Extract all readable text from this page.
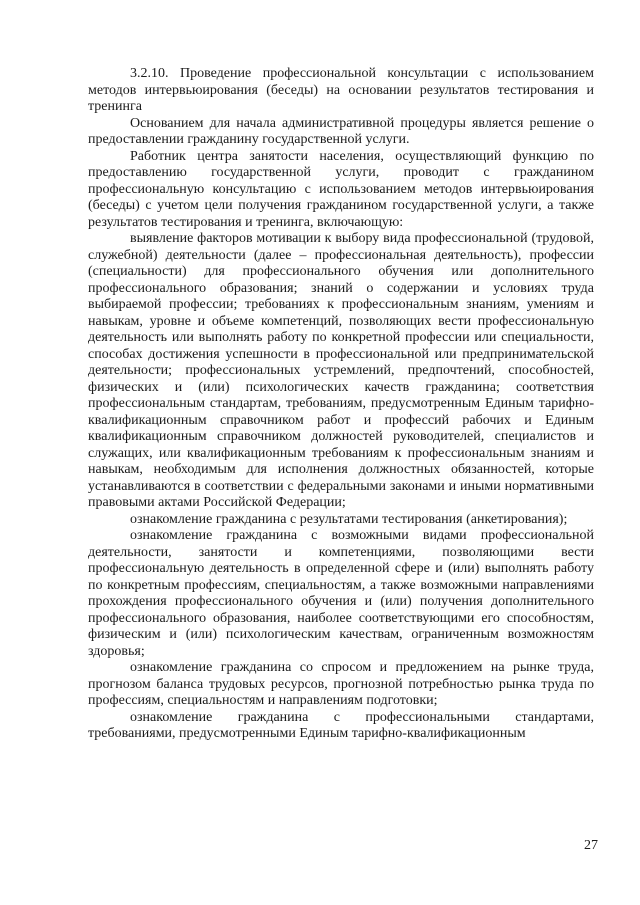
3.2.10. Проведение профессиональной консультации с использованием методов интервьюирования (беседы) на основании результатов тестирования и тренинга

Основанием для начала административной процедуры является решение о предоставлении гражданину государственной услуги.

Работник центра занятости населения, осуществляющий функцию по предоставлению государственной услуги, проводит с гражданином профессиональную консультацию с использованием методов интервьюирования (беседы) с учетом цели получения гражданином государственной услуги, а также результатов тестирования и тренинга, включающую:

выявление факторов мотивации к выбору вида профессиональной (трудовой, служебной) деятельности (далее – профессиональная деятельность), профессии (специальности) для профессионального обучения или дополнительного профессионального образования; знаний о содержании и условиях труда выбираемой профессии; требованиях к профессиональным знаниям, умениям и навыкам, уровне и объеме компетенций, позволяющих вести профессиональную деятельность или выполнять работу по конкретной профессии или специальности, способах достижения успешности в профессиональной или предпринимательской деятельности; профессиональных устремлений, предпочтений, способностей, физических и (или) психологических качеств гражданина; соответствия профессиональным стандартам, требованиям, предусмотренным Единым тарифно-квалификационным справочником работ и профессий рабочих и Единым квалификационным справочником должностей руководителей, специалистов и служащих, или квалификационным требованиям к профессиональным знаниям и навыкам, необходимым для исполнения должностных обязанностей, которые устанавливаются в соответствии с федеральными законами и иными нормативными правовыми актами Российской Федерации;

ознакомление гражданина с результатами тестирования (анкетирования);

ознакомление гражданина с возможными видами профессиональной деятельности, занятости и компетенциями, позволяющими вести профессиональную деятельность в определенной сфере и (или) выполнять работу по конкретным профессиям, специальностям, а также возможными направлениями прохождения профессионального обучения и (или) получения дополнительного профессионального образования, наиболее соответствующими его способностям, физическим и (или) психологическим качествам, ограниченным возможностям здоровья;

ознакомление гражданина со спросом и предложением на рынке труда, прогнозом баланса трудовых ресурсов, прогнозной потребностью рынка труда по профессиям, специальностям и направлениям подготовки;

ознакомление гражданина с профессиональными стандартами, требованиями, предусмотренными Единым тарифно-квалификационным

27
